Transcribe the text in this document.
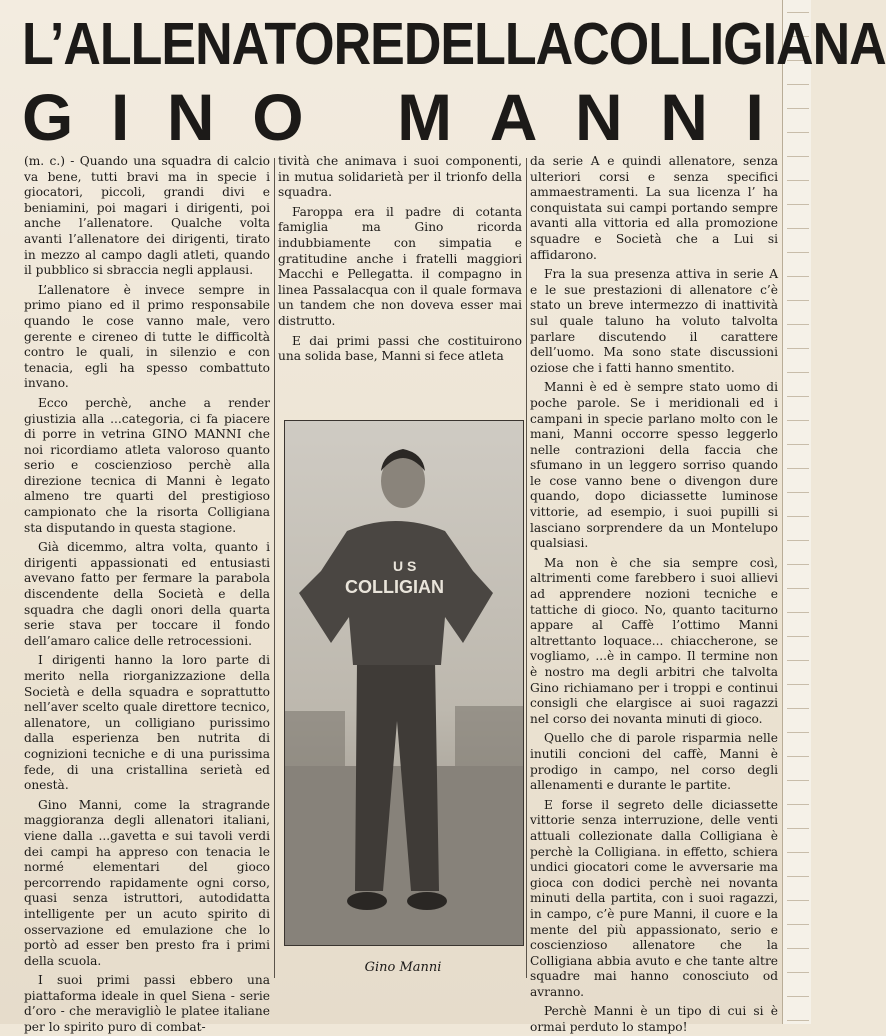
L’ALLENATORE DELLA COLLIGIANA
G I N O
M A N N I

(m. c.) - Quando una squadra di calcio va bene, tutti bravi ma in specie i giocatori, piccoli, grandi divi e beniamini, poi magari i dirigenti, poi anche l’allenatore. Qualche volta avanti l’allenatore dei dirigenti, tirato in mezzo al campo dagli atleti, quando il pubblico si sbraccia negli applausi.

L’allenatore è invece sempre in primo piano ed il primo responsabile quando le cose vanno male, vero gerente e cireneo di tutte le difficoltà contro le quali, in silenzio e con tenacia, egli ha spesso combattuto invano.

Ecco perchè, anche a render giustizia alla ...categoria, ci fa piacere di porre in vetrina GINO MANNI che noi ricordiamo atleta valoroso quanto serio e coscienzioso perchè alla direzione tecnica di Manni è legato almeno tre quarti del prestigioso campionato che la risorta Colligiana sta disputando in questa stagione.

Già dicemmo, altra volta, quanto i dirigenti appassionati ed entusiasti avevano fatto per fermare la parabola discendente della Società e della squadra che dagli onori della quarta serie stava per toccare il fondo dell’amaro calice delle retrocessioni.

I dirigenti hanno la loro parte di merito nella riorganizzazione della Società e della squadra e soprattutto nell’aver scelto quale direttore tecnico, allenatore, un colligiano purissimo dalla esperienza ben nutrita di cognizioni tecniche e di una purissima fede, di una cristallina serietà ed onestà.

Gino Manni, come la stragrande maggioranza degli allenatori italiani, viene dalla ...gavetta e sui tavoli verdi dei campi ha appreso con tenacia le normé elementari del gioco percorrendo rapidamente ogni corso, quasi senza istruttori, autodidatta intelligente per un acuto spirito di osservazione ed emulazione che lo portò ad esser ben presto fra i primi della scuola.

I suoi primi passi ebbero una piattaforma ideale in quel Siena - serie d’oro - che meravigliò le platee italiane per lo spirito puro di combat-

tività che animava i suoi componenti, in mutua solidarietà per il trionfo della squadra.

Faroppa era il padre di cotanta famiglia ma Gino ricorda indubbiamente con simpatia e gratitudine anche i fratelli maggiori Macchi e Pellegatta. il compagno in linea Passalacqua con il quale formava un tandem che non doveva esser mai distrutto.

E dai primi passi che costituirono una solida base, Manni si fece atleta

U S
COLLIGIAN
Gino Manni

da serie A e quindi allenatore, senza ulteriori corsi e senza specifici ammaestramenti. La sua licenza l’ ha conquistata sui campi portando sempre avanti alla vittoria ed alla promozione squadre e Società che a Lui si affidarono.

Fra la sua presenza attiva in serie A e le sue prestazioni di allenatore c’è stato un breve intermezzo di inattività sul quale taluno ha voluto talvolta parlare discutendo il carattere dell’uomo. Ma sono state discussioni oziose che i fatti hanno smentito.

Manni è ed è sempre stato uomo di poche parole. Se i meridionali ed i campani in specie parlano molto con le mani, Manni occorre spesso leggerlo nelle contrazioni della faccia che sfumano in un leggero sorriso quando le cose vanno bene o divengon dure quando, dopo diciassette luminose vittorie, ad esempio, i suoi pupilli si lasciano sorprendere da un Montelupo qualsiasi.

Ma non è che sia sempre così, altrimenti come farebbero i suoi allievi ad apprendere nozioni tecniche e tattiche di gioco. No, quanto taciturno appare al Caffè l’ottimo Manni altrettanto loquace... chiaccherone, se vogliamo, ...è in campo. Il termine non è nostro ma degli arbitri che talvolta Gino richiamano per i troppi e continui consigli che elargisce ai suoi ragazzi nel corso dei novanta minuti di gioco.

Quello che di parole risparmia nelle inutili concioni del caffè, Manni è prodigo in campo, nel corso degli allenamenti e durante le partite.

E forse il segreto delle diciassette vittorie senza interruzione, delle venti attuali collezionate dalla Colligiana è perchè la Colligiana. in effetto, schiera undici giocatori come le avversarie ma gioca con dodici perchè nei novanta minuti della partita, con i suoi ragazzi, in campo, c’è pure Manni, il cuore e la mente del più appassionato, serio e coscienzioso allenatore che la Colligiana abbia avuto e che tante altre squadre mai hanno conosciuto od avranno.

Perchè Manni è un tipo di cui si è ormai perduto lo stampo!
